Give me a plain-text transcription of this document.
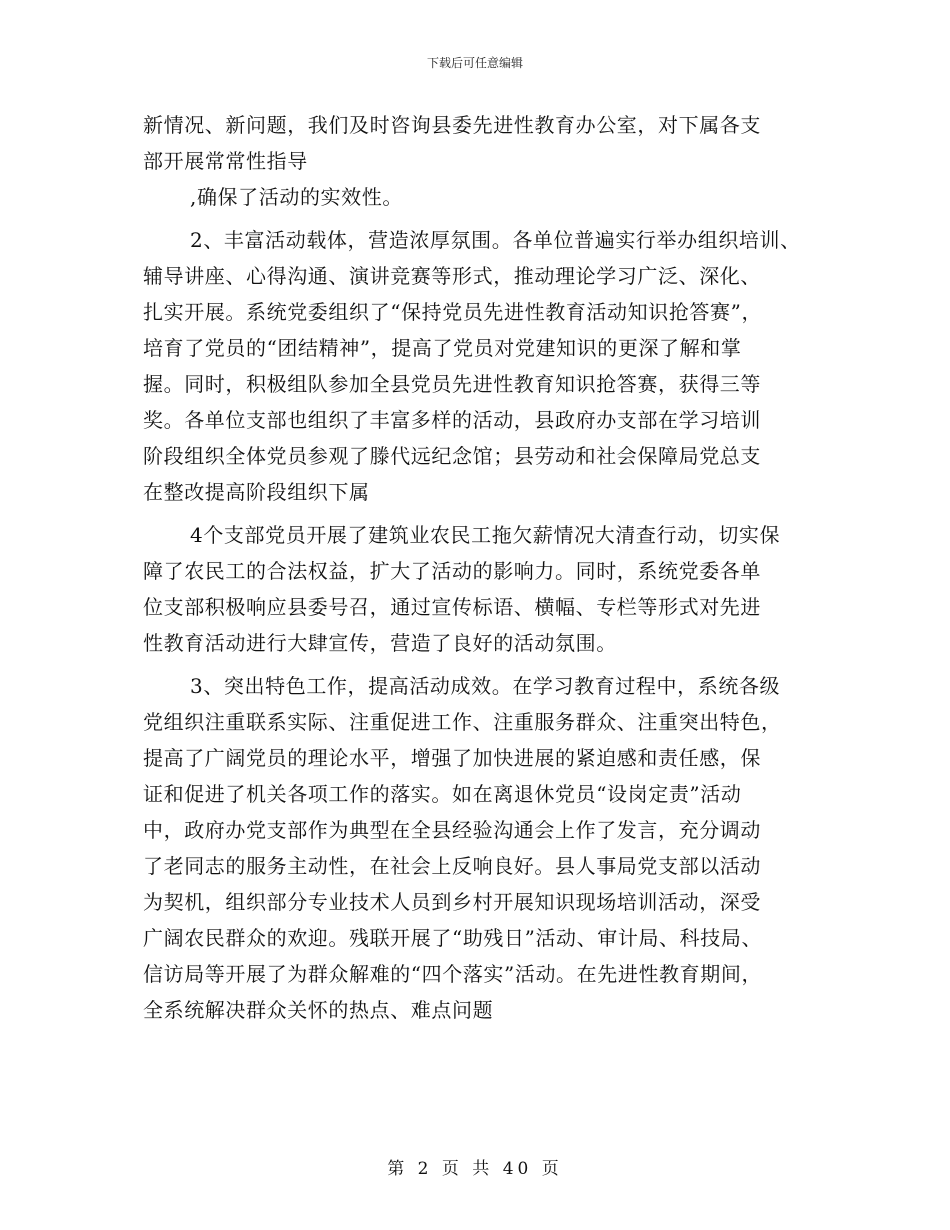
下载后可任意编辑
新情况、新问题，我们及时咨询县委先进性教育办公室，对下属各支
部开展常常性指导
,确保了活动的实效性。
2、丰富活动载体，营造浓厚氛围。各单位普遍实行举办组织培训、
辅导讲座、心得沟通、演讲竞赛等形式，推动理论学习广泛、深化、
扎实开展。系统党委组织了“保持党员先进性教育活动知识抢答赛”，
培育了党员的“团结精神”，提高了党员对党建知识的更深了解和掌
握。同时，积极组队参加全县党员先进性教育知识抢答赛，获得三等
奖。各单位支部也组织了丰富多样的活动，县政府办支部在学习培训
阶段组织全体党员参观了滕代远纪念馆；县劳动和社会保障局党总支
在整改提高阶段组织下属
4个支部党员开展了建筑业农民工拖欠薪情况大清查行动，切实保
障了农民工的合法权益，扩大了活动的影响力。同时，系统党委各单
位支部积极响应县委号召，通过宣传标语、横幅、专栏等形式对先进
性教育活动进行大肆宣传，营造了良好的活动氛围。
3、突出特色工作，提高活动成效。在学习教育过程中，系统各级
党组织注重联系实际、注重促进工作、注重服务群众、注重突出特色，
提高了广阔党员的理论水平，增强了加快进展的紧迫感和责任感，保
证和促进了机关各项工作的落实。如在离退休党员“设岗定责”活动
中，政府办党支部作为典型在全县经验沟通会上作了发言，充分调动
了老同志的服务主动性，在社会上反响良好。县人事局党支部以活动
为契机，组织部分专业技术人员到乡村开展知识现场培训活动，深受
广阔农民群众的欢迎。残联开展了“助残日”活动、审计局、科技局、
信访局等开展了为群众解难的“四个落实”活动。在先进性教育期间，
全系统解决群众关怀的热点、难点问题
第 2 页 共 40 页
